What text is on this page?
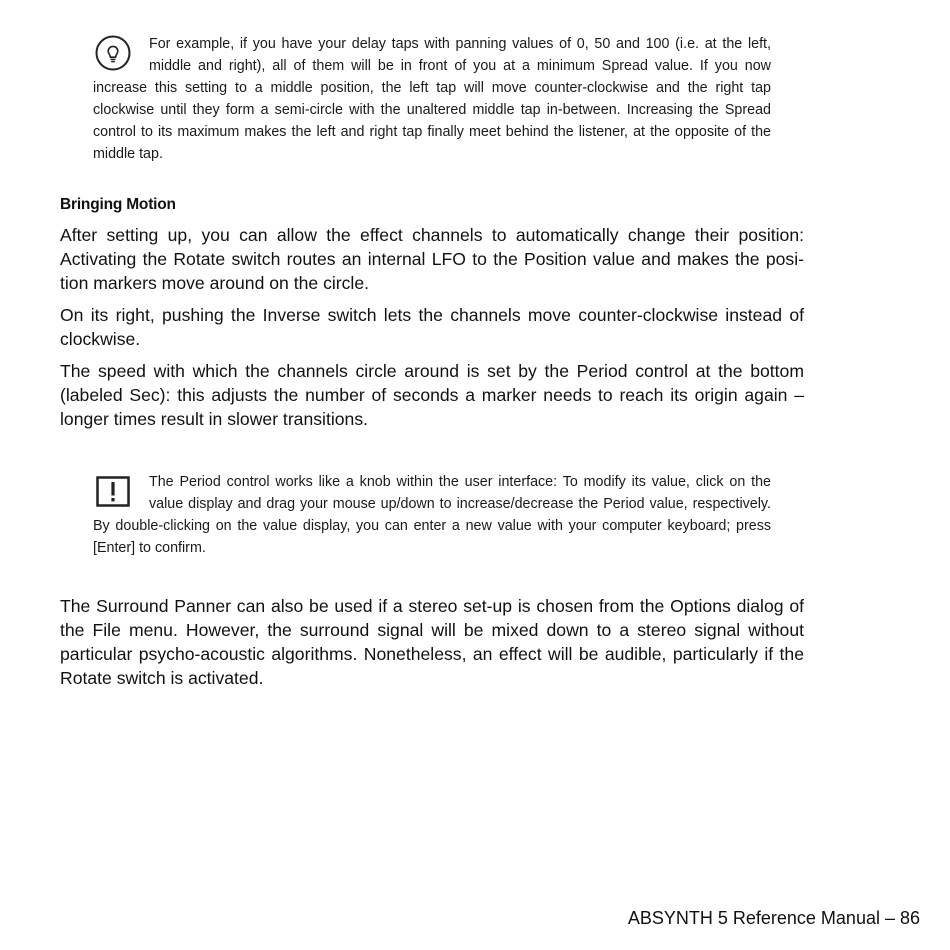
For example, if you have your delay taps with panning values of 0, 50 and 100 (i.e. at the left, middle and right), all of them will be in front of you at a minimum Spread value. If you now increase this setting to a middle position, the left tap will move counter-clockwise and the right tap clockwise until they form a semi-circle with the unaltered middle tap in-between. Increasing the Spread control to its maximum makes the left and right tap finally meet behind the listener, at the opposite of the middle tap.
Bringing Motion

After setting up, you can allow the effect channels to automatically change their position: Activating the Rotate switch routes an internal LFO to the Position value and makes the posi-tion markers move around on the circle.

On its right, pushing the Inverse switch lets the channels move counter-clockwise instead of clockwise.

The speed with which the channels circle around is set by the Period control at the bottom (labeled Sec): this adjusts the number of seconds a marker needs to reach its origin again – longer times result in slower transitions.

The Period control works like a knob within the user interface: To modify its value, click on the value display and drag your mouse up/down to increase/decrease the Period value, respectively. By double-clicking on the value display, you can enter a new value with your computer keyboard; press [Enter] to confirm.

The Surround Panner can also be used if a stereo set-up is chosen from the Options dialog of the File menu. However, the surround signal will be mixed down to a stereo signal without particular psycho-acoustic algorithms. Nonetheless, an effect will be audible, particularly if the Rotate switch is activated.

ABSYNTH 5 Reference Manual – 86
